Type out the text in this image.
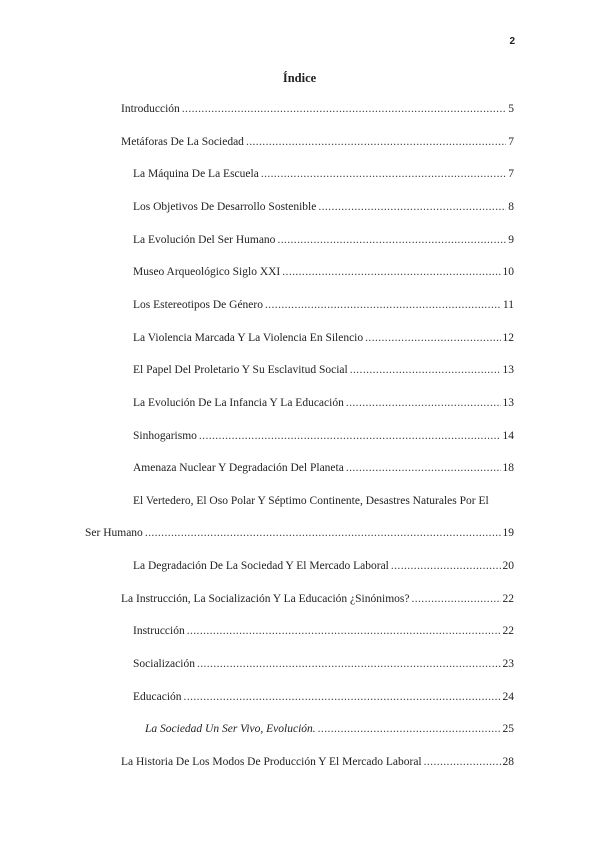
2
Índice
Introducción .....	5
Metáforas De La Sociedad .....	7
La Máquina De La Escuela .....	7
Los Objetivos De Desarrollo Sostenible .....	8
La Evolución Del Ser Humano .....	9
Museo Arqueológico Siglo XXI .....	10
Los Estereotipos De Género .....	11
La Violencia Marcada Y La Violencia En Silencio .....	12
El Papel Del Proletario Y Su Esclavitud Social .....	13
La Evolución De La Infancia Y La Educación .....	13
Sinhogarismo .....	14
Amenaza Nuclear Y Degradación Del Planeta .....	18
El Vertedero, El Oso Polar Y Séptimo Continente, Desastres Naturales Por El
Ser Humano .....	19
La Degradación De La Sociedad Y El Mercado Laboral .....	20
La Instrucción, La Socialización Y La Educación ¿Sinónimos? .....	22
Instrucción .....	22
Socialización .....	23
Educación .....	24
La Sociedad Un Ser Vivo, Evolución. .....	25
La Historia De Los Modos De Producción Y El Mercado Laboral .....	28
